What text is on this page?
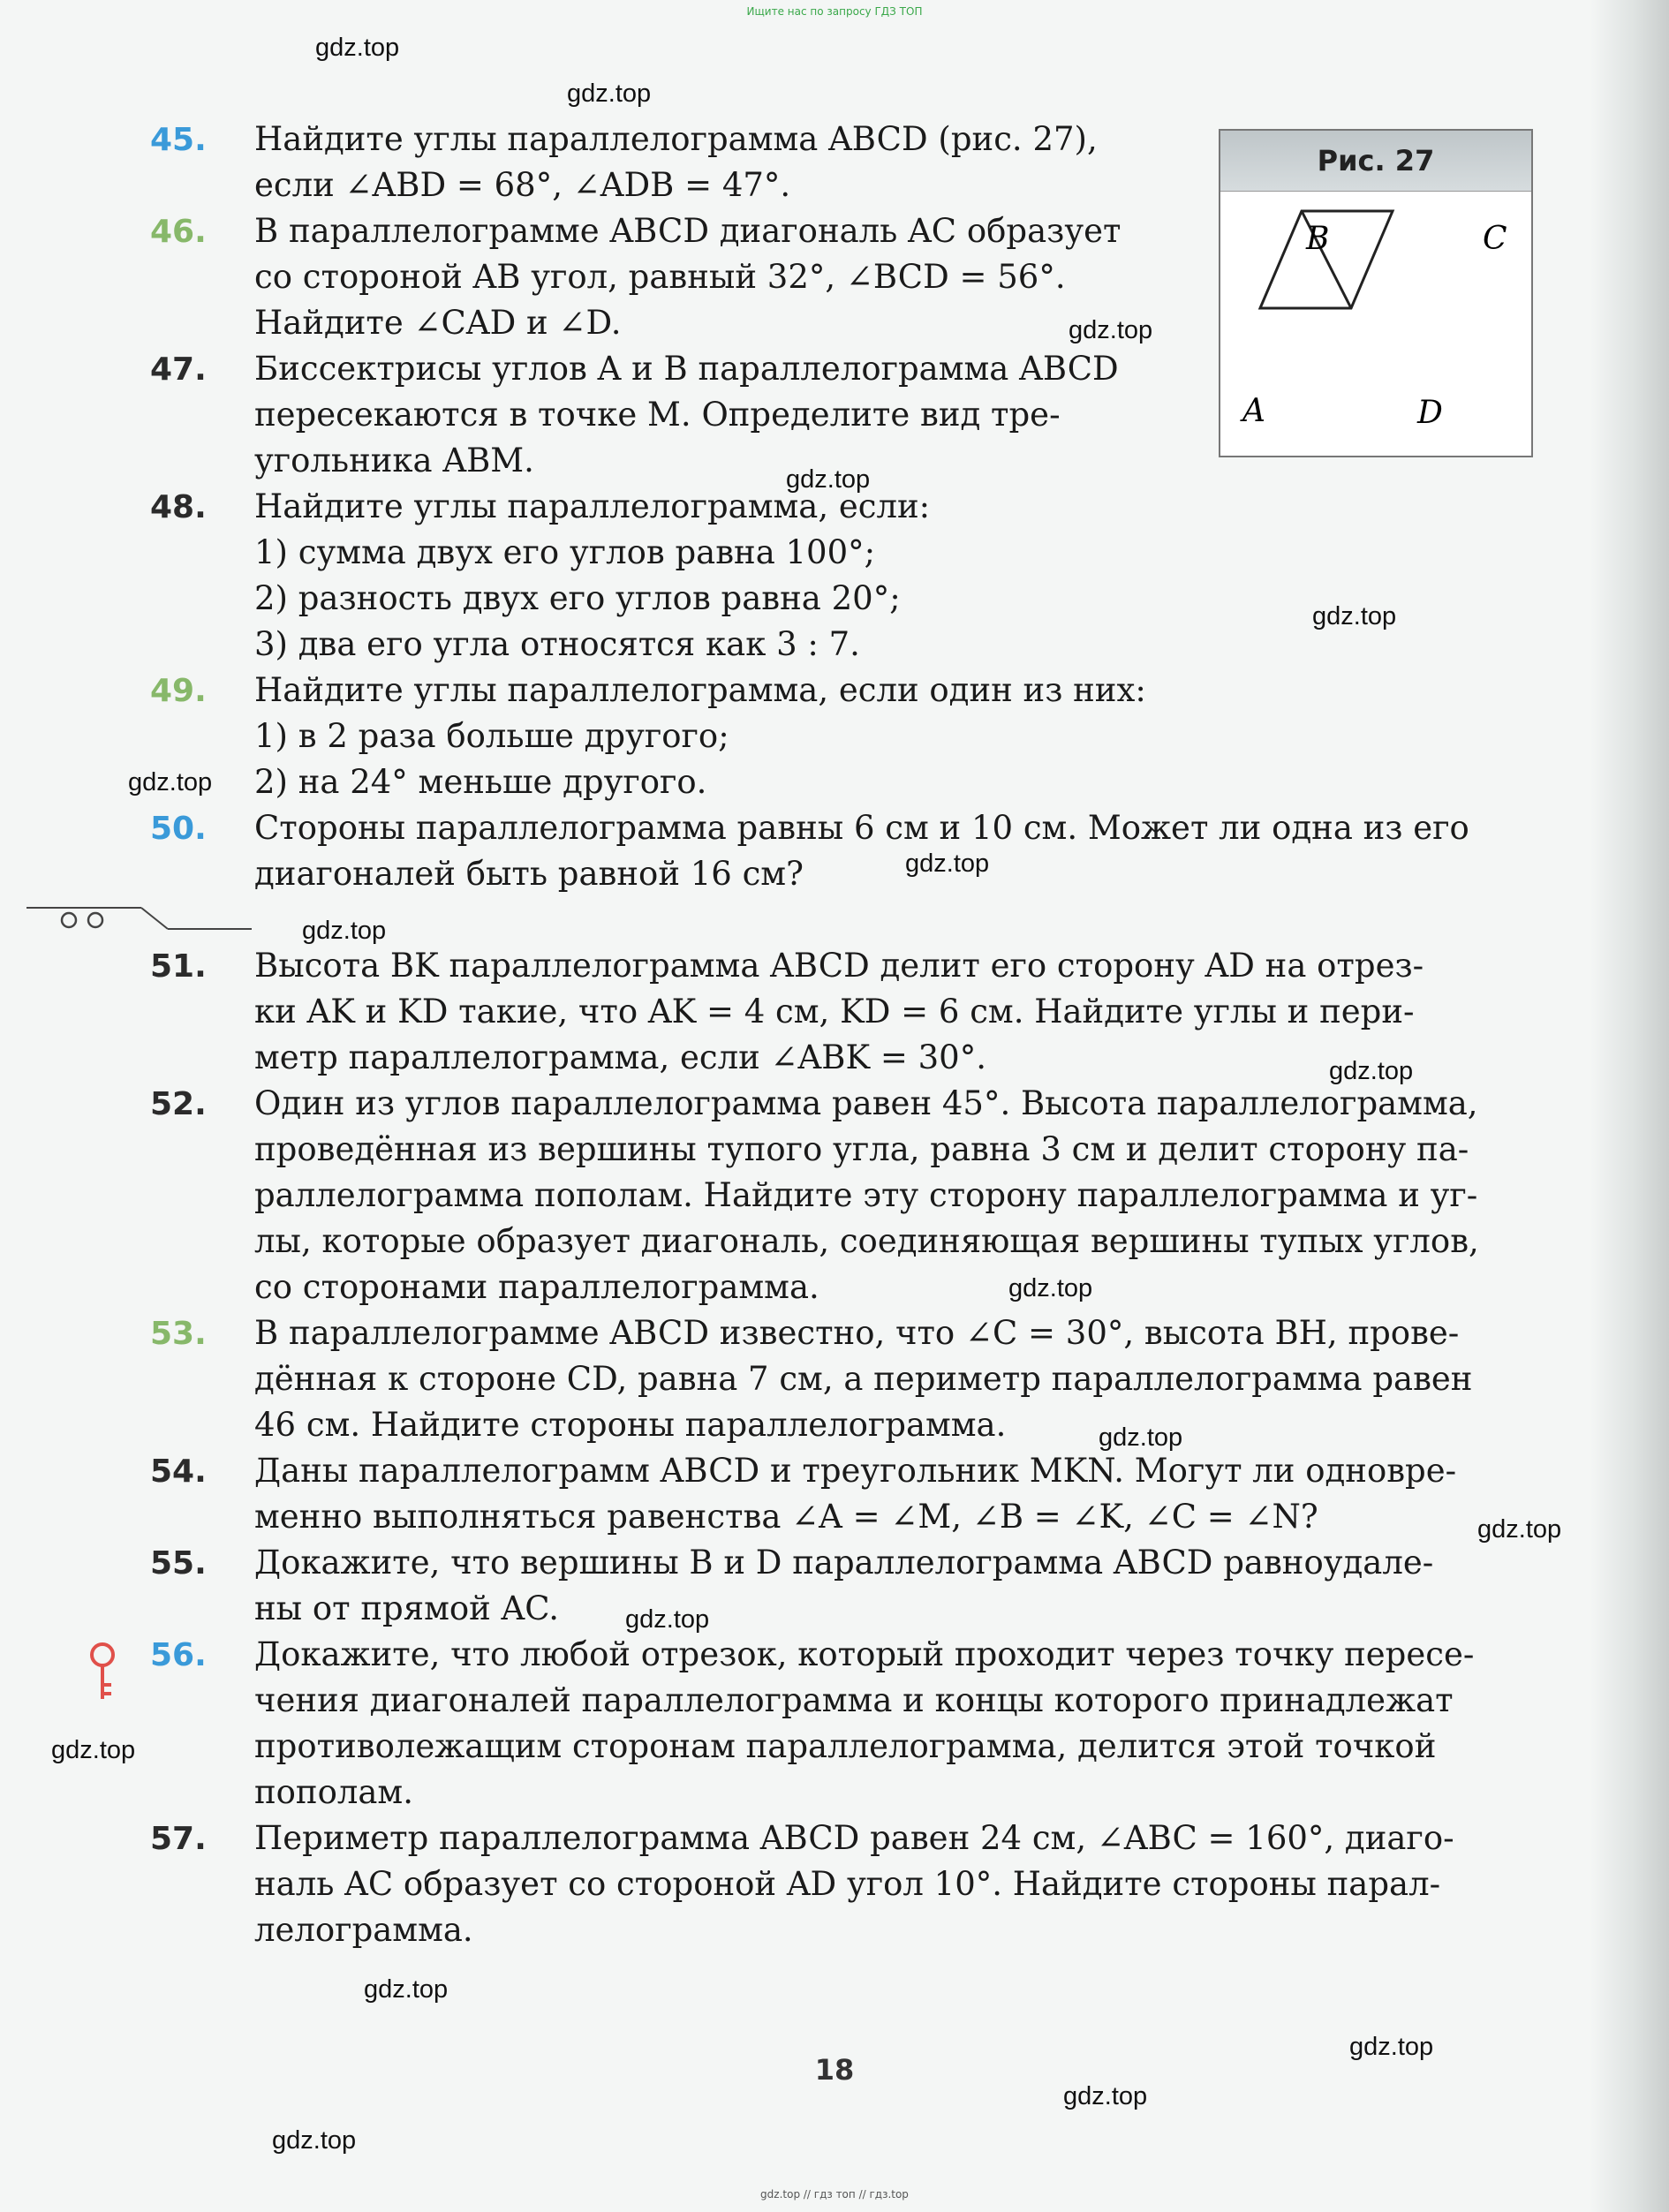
Ищите нас по запросу ГДЗ ТОП
gdz.top
gdz.top
gdz.top
gdz.top
gdz.top
gdz.top
gdz.top
gdz.top
gdz.top
gdz.top
gdz.top
gdz.top
gdz.top
gdz.top
gdz.top
gdz.top
gdz.top
gdz.top
Рис. 27
B	C
A	D
45. Найдите углы параллелограмма ABCD (рис. 27),
если ∠ABD = 68°, ∠ADB = 47°.
46. В параллелограмме ABCD диагональ AC образует
со стороной AB угол, равный 32°, ∠BCD = 56°.
Найдите ∠CAD и ∠D.
47. Биссектрисы углов A и B параллелограмма ABCD
пересекаются в точке M. Определите вид тре-
угольника ABM.
48. Найдите углы параллелограмма, если:
1) сумма двух его углов равна 100°;
2) разность двух его углов равна 20°;
3) два его угла относятся как 3 : 7.
49. Найдите углы параллелограмма, если один из них:
1) в 2 раза больше другого;
2) на 24° меньше другого.
50. Стороны параллелограмма равны 6 см и 10 см. Может ли одна из его
диагоналей быть равной 16 см?
51. Высота BK параллелограмма ABCD делит его сторону AD на отрез-
ки AK и KD такие, что AK = 4 см, KD = 6 см. Найдите углы и пери-
метр параллелограмма, если ∠ABK = 30°.
52. Один из углов параллелограмма равен 45°. Высота параллелограмма,
проведённая из вершины тупого угла, равна 3 см и делит сторону па-
раллелограмма пополам. Найдите эту сторону параллелограмма и уг-
лы, которые образует диагональ, соединяющая вершины тупых углов,
со сторонами параллелограмма.
53. В параллелограмме ABCD известно, что ∠C = 30°, высота BH, прове-
дённая к стороне CD, равна 7 см, а периметр параллелограмма равен
46 см. Найдите стороны параллелограмма.
54. Даны параллелограмм ABCD и треугольник MKN. Могут ли одновре-
менно выполняться равенства ∠A = ∠M, ∠B = ∠K, ∠C = ∠N?
55. Докажите, что вершины B и D параллелограмма ABCD равноудале-
ны от прямой AC.
56. Докажите, что любой отрезок, который проходит через точку пересе-
чения диагоналей параллелограмма и концы которого принадлежат
противолежащим сторонам параллелограмма, делится этой точкой
пополам.
57. Периметр параллелограмма ABCD равен 24 см, ∠ABC = 160°, диаго-
наль AC образует со стороной AD угол 10°. Найдите стороны парал-
лелограмма.
18
gdz.top // гдз топ // гдз.top
